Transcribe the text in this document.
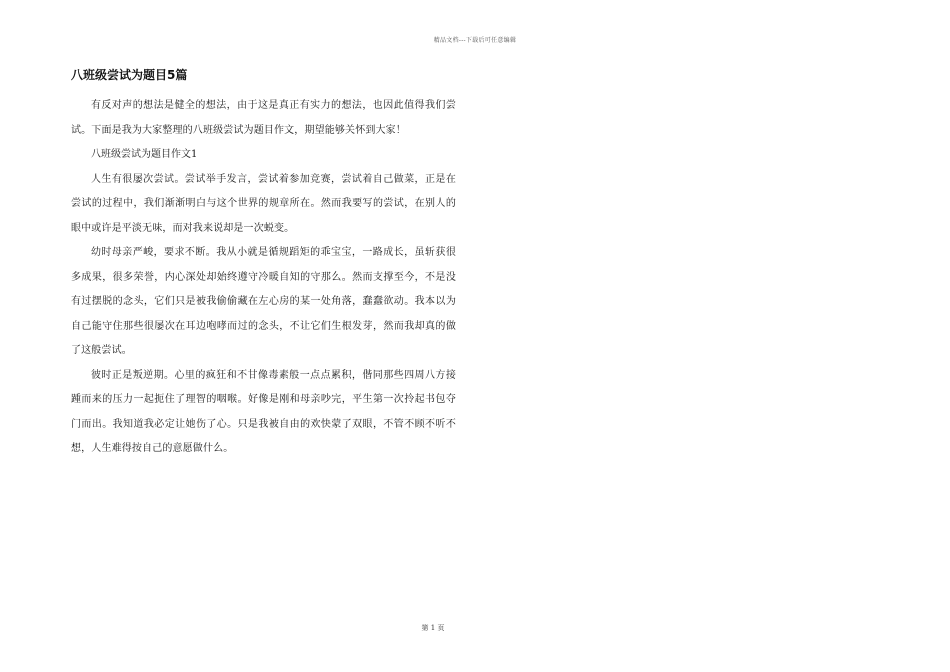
精品文档---下载后可任意编辑
八班级尝试为题目5篇

有反对声的想法是健全的想法，由于这是真正有实力的想法，也因此值得我们尝试。下面是我为大家整理的八班级尝试为题目作文，期望能够关怀到大家！

八班级尝试为题目作文1

人生有很屡次尝试。尝试举手发言，尝试着参加竞赛，尝试着自己做菜，正是在尝试的过程中，我们渐渐明白与这个世界的规章所在。然而我要写的尝试，在别人的眼中或许是平淡无味，而对我来说却是一次蜕变。

幼时母亲严峻，要求不断。我从小就是循规蹈矩的乖宝宝，一路成长，虽斩获很多成果，很多荣誉，内心深处却始终遵守冷暖自知的守那么。然而支撑至今，不是没有过摆脱的念头，它们只是被我偷偷藏在左心房的某一处角落，蠢蠢欲动。我本以为自己能守住那些很屡次在耳边咆哮而过的念头，不让它们生根发芽，然而我却真的做了这般尝试。

彼时正是叛逆期。心里的疯狂和不甘像毒素般一点点累积，偕同那些四周八方接踵而来的压力一起扼住了理智的咽喉。好像是刚和母亲吵完，平生第一次拎起书包夺门而出。我知道我必定让她伤了心。只是我被自由的欢快蒙了双眼，不管不顾不听不想，人生难得按自己的意愿做什么。

第 1 页
